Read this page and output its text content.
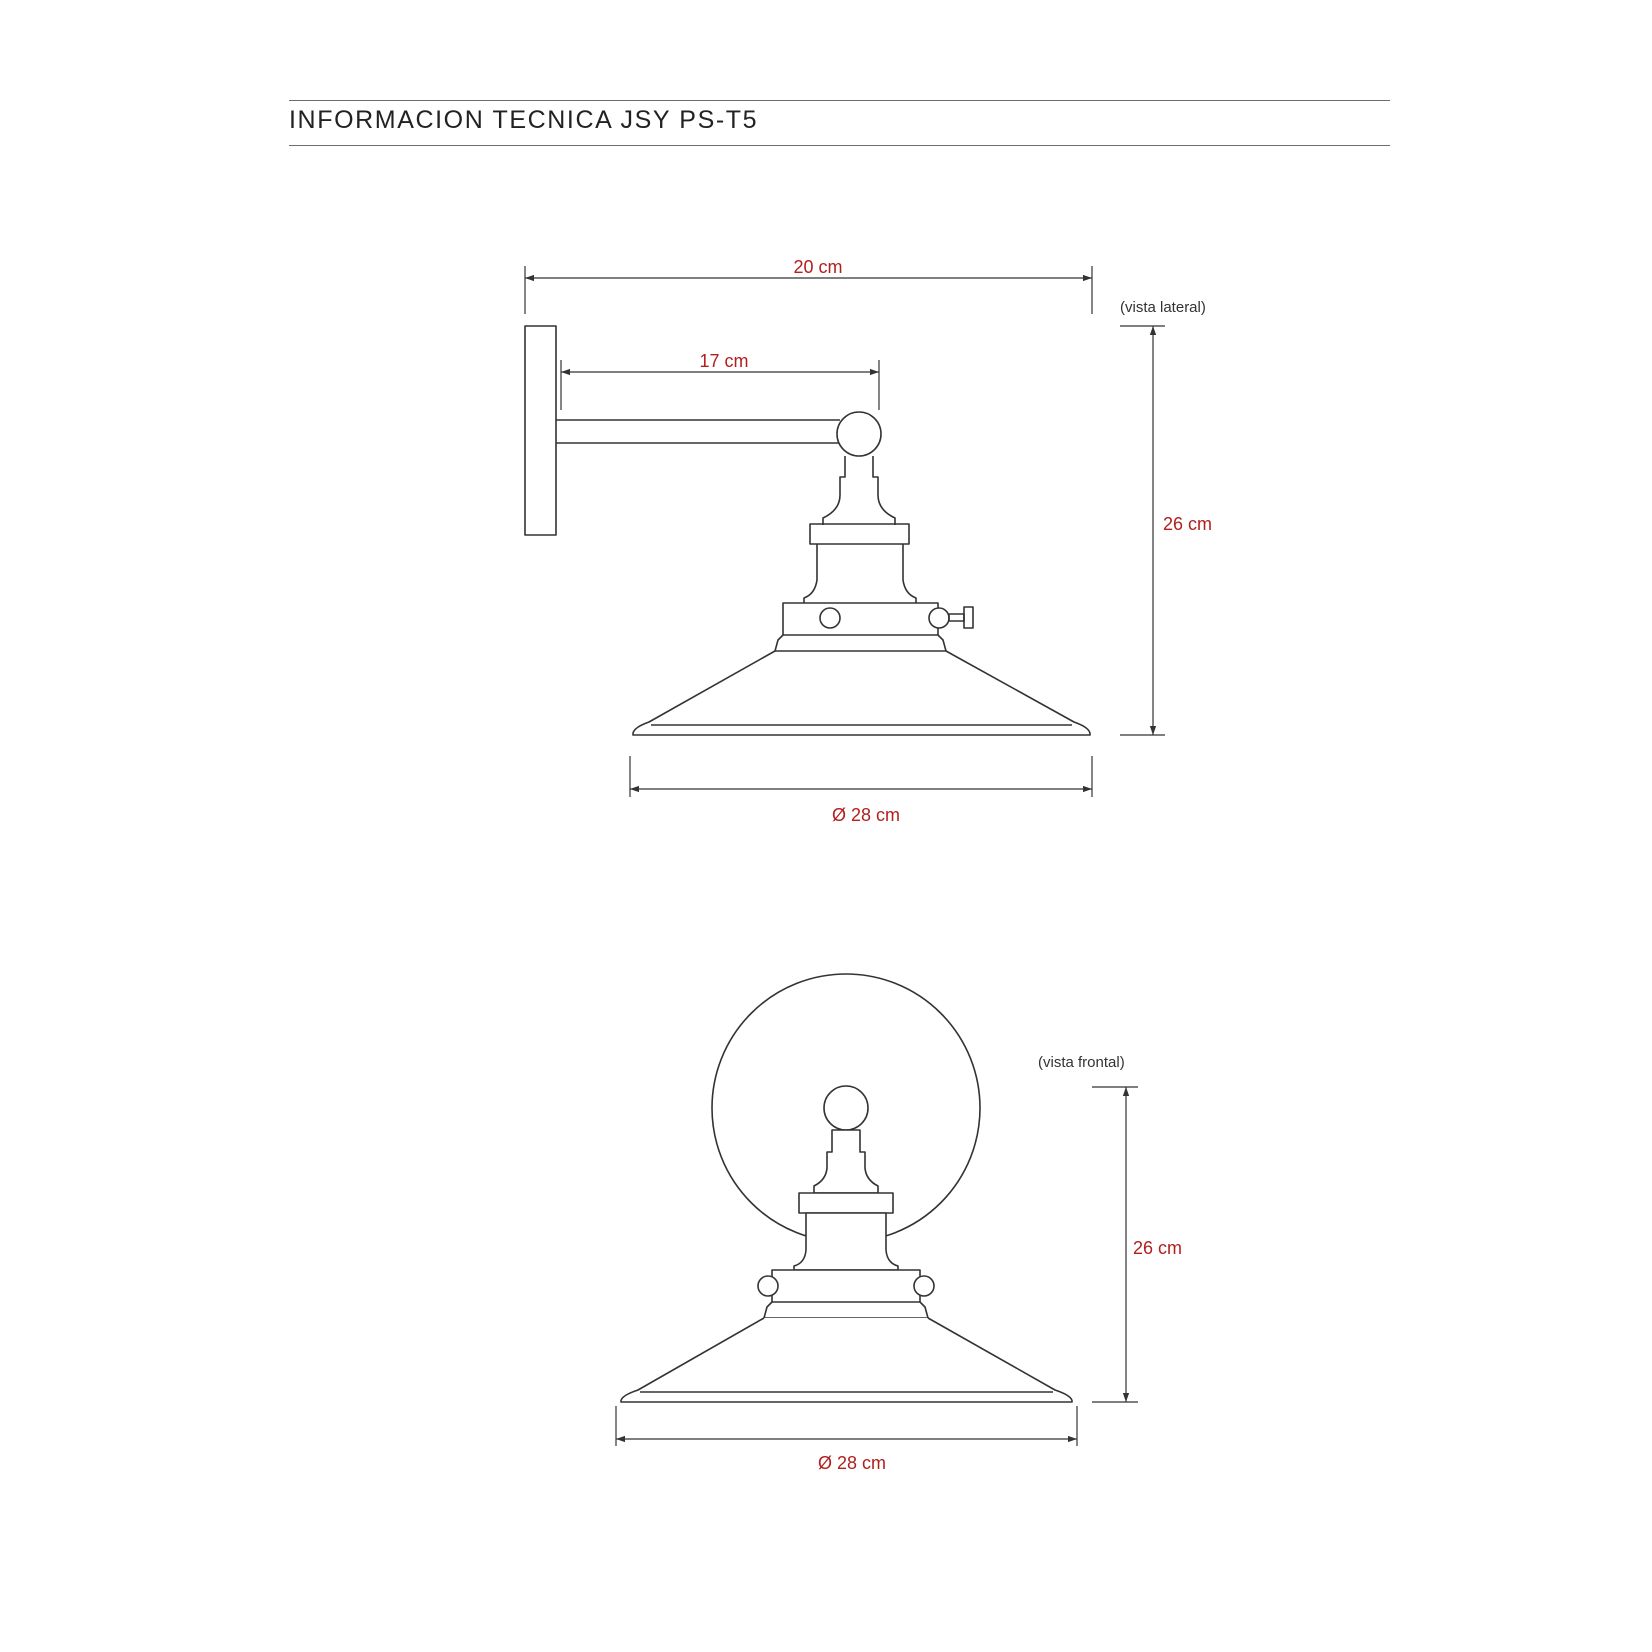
INFORMACION TECNICA JSY PS-T5
20 cm
17 cm
26 cm
Ø 28 cm
(vista lateral)
26 cm
Ø 28 cm
(vista frontal)
